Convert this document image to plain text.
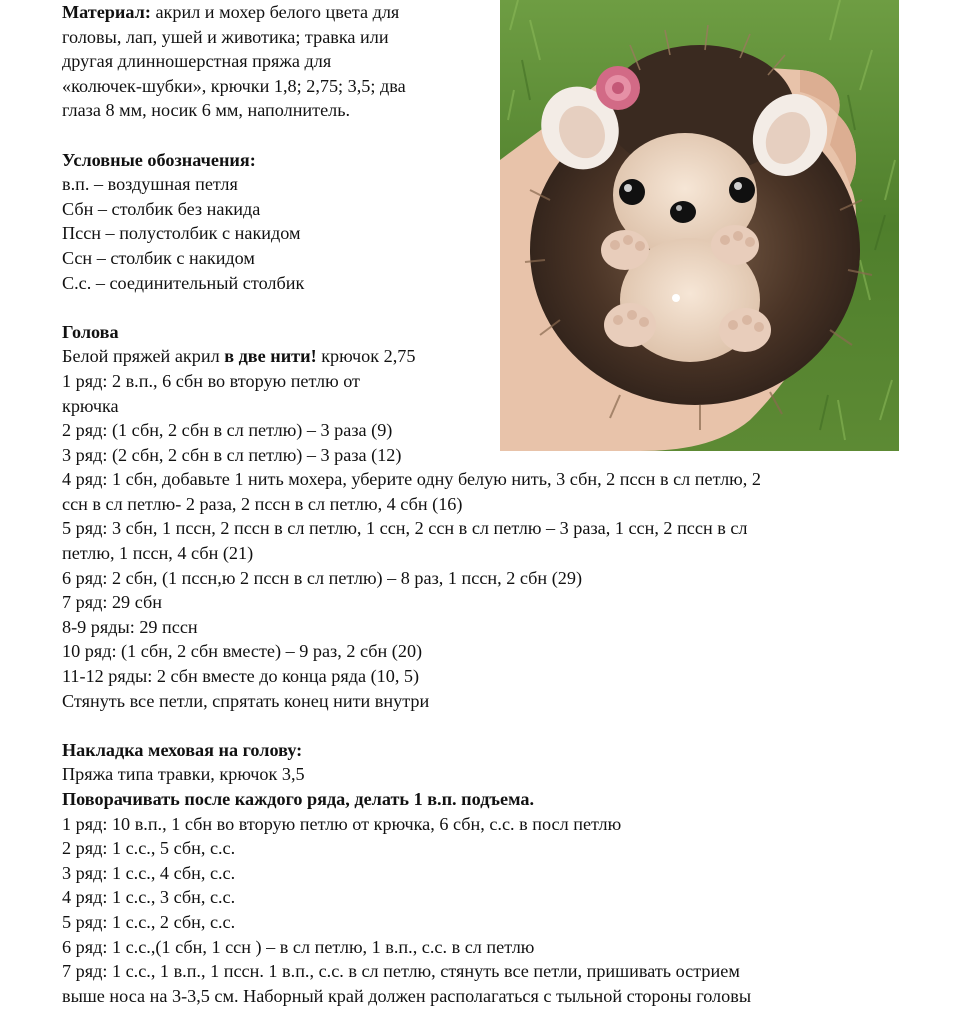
Материал: акрил и мохер белого цвета для
головы, лап, ушей и животика; травка или
другая длинношерстная пряжа для
«колючек-шубки», крючки 1,8; 2,75; 3,5; два
глаза 8 мм, носик 6 мм, наполнитель.
Условные обозначения:
в.п. – воздушная петля
Сбн – столбик без накида
Пссн – полустолбик с накидом
Ссн – столбик с накидом
С.с. – соединительный столбик
Голова
Белой пряжей акрил в две нити! крючок 2,75
1 ряд: 2 в.п., 6 сбн во вторую петлю от
крючка
2 ряд: (1 сбн, 2 сбн в сл петлю) – 3 раза (9)
3 ряд: (2 сбн, 2 сбн в сл петлю) – 3 раза (12)
4 ряд: 1 сбн, добавьте 1 нить мохера, уберите одну белую нить, 3 сбн, 2 пссн в сл петлю, 2
ссн в сл петлю- 2 раза, 2 пссн в сл петлю, 4 сбн (16)
5 ряд: 3 сбн, 1 пссн, 2 пссн в сл петлю, 1 ссн, 2 ссн в сл петлю – 3 раза, 1 ссн, 2 пссн в сл
петлю, 1 пссн, 4 сбн (21)
6 ряд: 2 сбн, (1 пссн,ю 2 пссн в сл петлю) – 8 раз, 1 пссн, 2 сбн (29)
7 ряд: 29 сбн
8-9 ряды: 29 пссн
10 ряд: (1 сбн, 2 сбн вместе) – 9 раз, 2 сбн (20)
11-12 ряды: 2 сбн вместе до конца ряда (10, 5)
Стянуть все петли, спрятать конец нити внутри
Накладка меховая на голову:
Пряжа типа травки, крючок 3,5
Поворачивать после каждого ряда, делать 1 в.п. подъема.
1 ряд: 10 в.п., 1 сбн во вторую петлю от крючка, 6 сбн, с.с. в посл петлю
2 ряд: 1 с.с., 5 сбн, с.с.
3 ряд: 1 с.с., 4 сбн, с.с.
4 ряд: 1 с.с., 3 сбн, с.с.
5 ряд: 1 с.с., 2 сбн, с.с.
6 ряд: 1 с.с.,(1 сбн, 1 ссн ) – в сл петлю, 1 в.п., с.с. в сл петлю
7 ряд: 1 с.с., 1 в.п., 1 пссн. 1 в.п., с.с. в сл петлю, стянуть все петли, пришивать острием
выше носа на 3-3,5 см. Наборный край должен располагаться с тыльной стороны головы
